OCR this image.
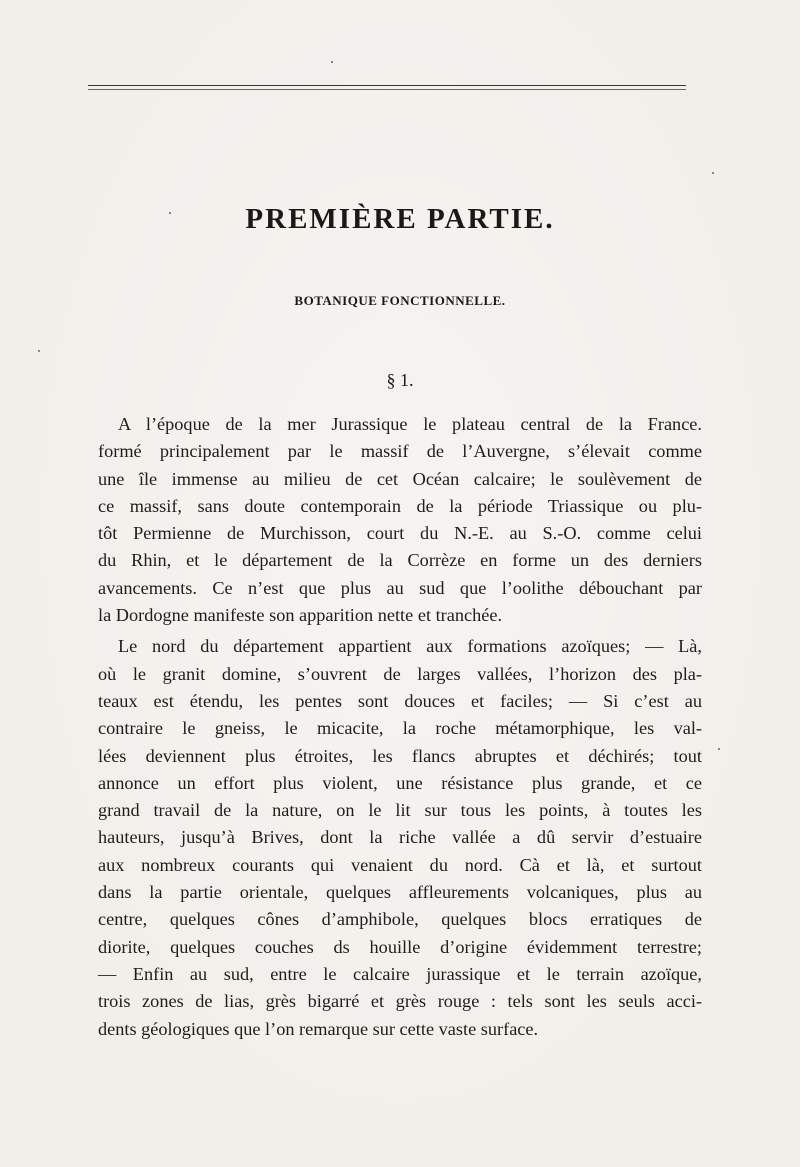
PREMIÈRE PARTIE.
BOTANIQUE FONCTIONNELLE.
§ 1.
A l’époque de la mer Jurassique le plateau central de la France.
formé principalement par le massif de l’Auvergne, s’élevait comme
une île immense au milieu de cet Océan calcaire; le soulèvement de
ce massif, sans doute contemporain de la période Triassique ou plu-
tôt Permienne de Murchisson, court du N.-E. au S.-O. comme celui
du Rhin, et le département de la Corrèze en forme un des derniers
avancements. Ce n’est que plus au sud que l’oolithe débouchant par
la Dordogne manifeste son apparition nette et tranchée.
Le nord du département appartient aux formations azoïques; — Là,
où le granit domine, s’ouvrent de larges vallées, l’horizon des pla-
teaux est étendu, les pentes sont douces et faciles; — Si c’est au
contraire le gneiss, le micacite, la roche métamorphique, les val-
lées deviennent plus étroites, les flancs abruptes et déchirés; tout
annonce un effort plus violent, une résistance plus grande, et ce
grand travail de la nature, on le lit sur tous les points, à toutes les
hauteurs, jusqu’à Brives, dont la riche vallée a dû servir d’estuaire
aux nombreux courants qui venaient du nord. Cà et là, et surtout
dans la partie orientale, quelques affleurements volcaniques, plus au
centre, quelques cônes d’amphibole, quelques blocs erratiques de
diorite, quelques couches ds houille d’origine évidemment terrestre;
— Enfin au sud, entre le calcaire jurassique et le terrain azoïque,
trois zones de lias, grès bigarré et grès rouge : tels sont les seuls acci-
dents géologiques que l’on remarque sur cette vaste surface.
